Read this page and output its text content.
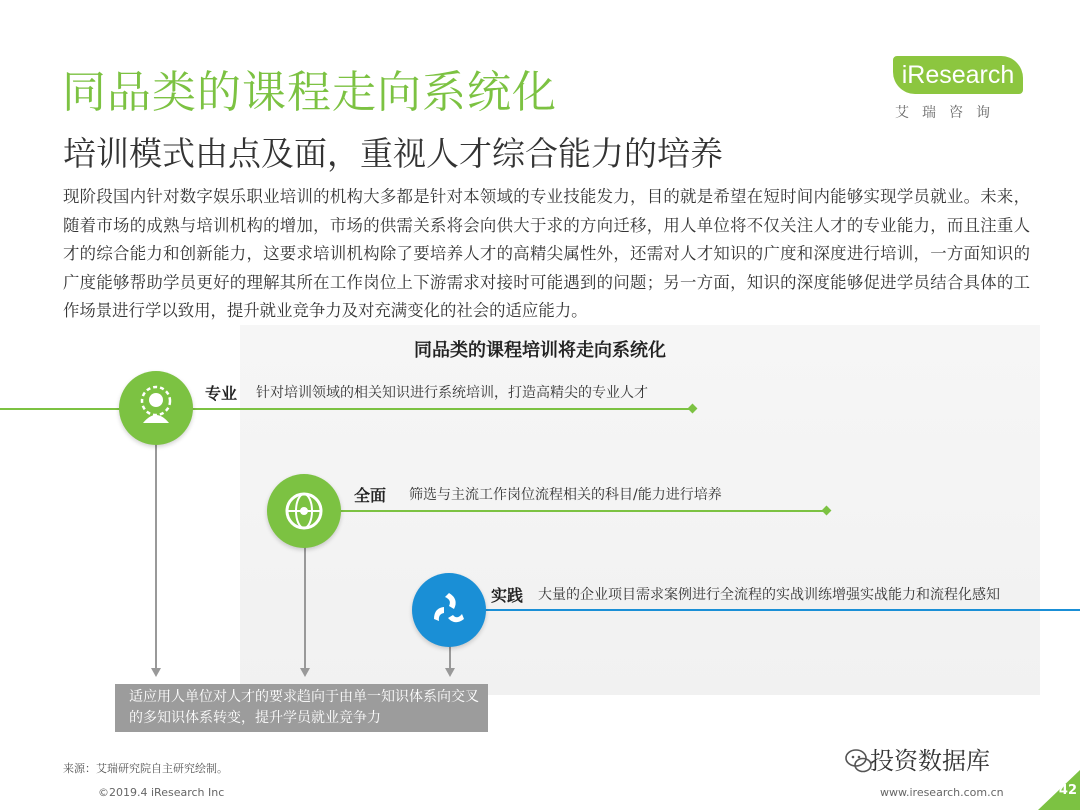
同品类的课程走向系统化
培训模式由点及面，重视人才综合能力的培养
iResearch
艾瑞咨询
现阶段国内针对数字娱乐职业培训的机构大多都是针对本领域的专业技能发力，目的就是希望在短时间内能够实现学员就业。未来，随着市场的成熟与培训机构的增加，市场的供需关系将会向供大于求的方向迁移，用人单位将不仅关注人才的专业能力，而且注重人才的综合能力和创新能力，这要求培训机构除了要培养人才的高精尖属性外，还需对人才知识的广度和深度进行培训，一方面知识的广度能够帮助学员更好的理解其所在工作岗位上下游需求对接时可能遇到的问题；另一方面，知识的深度能够促进学员结合具体的工作场景进行学以致用，提升就业竞争力及对充满变化的社会的适应能力。
同品类的课程培训将走向系统化
专业 针对培训领域的相关知识进行系统培训，打造高精尖的专业人才
全面 筛选与主流工作岗位流程相关的科目/能力进行培养
实践 大量的企业项目需求案例进行全流程的实战训练增强实战能力和流程化感知
适应用人单位对人才的要求趋向于由单一知识体系向交叉的多知识体系转变，提升学员就业竞争力
来源：艾瑞研究院自主研究绘制。
©2019.4 iResearch Inc	www.iresearch.com.cn
投资数据库
42
